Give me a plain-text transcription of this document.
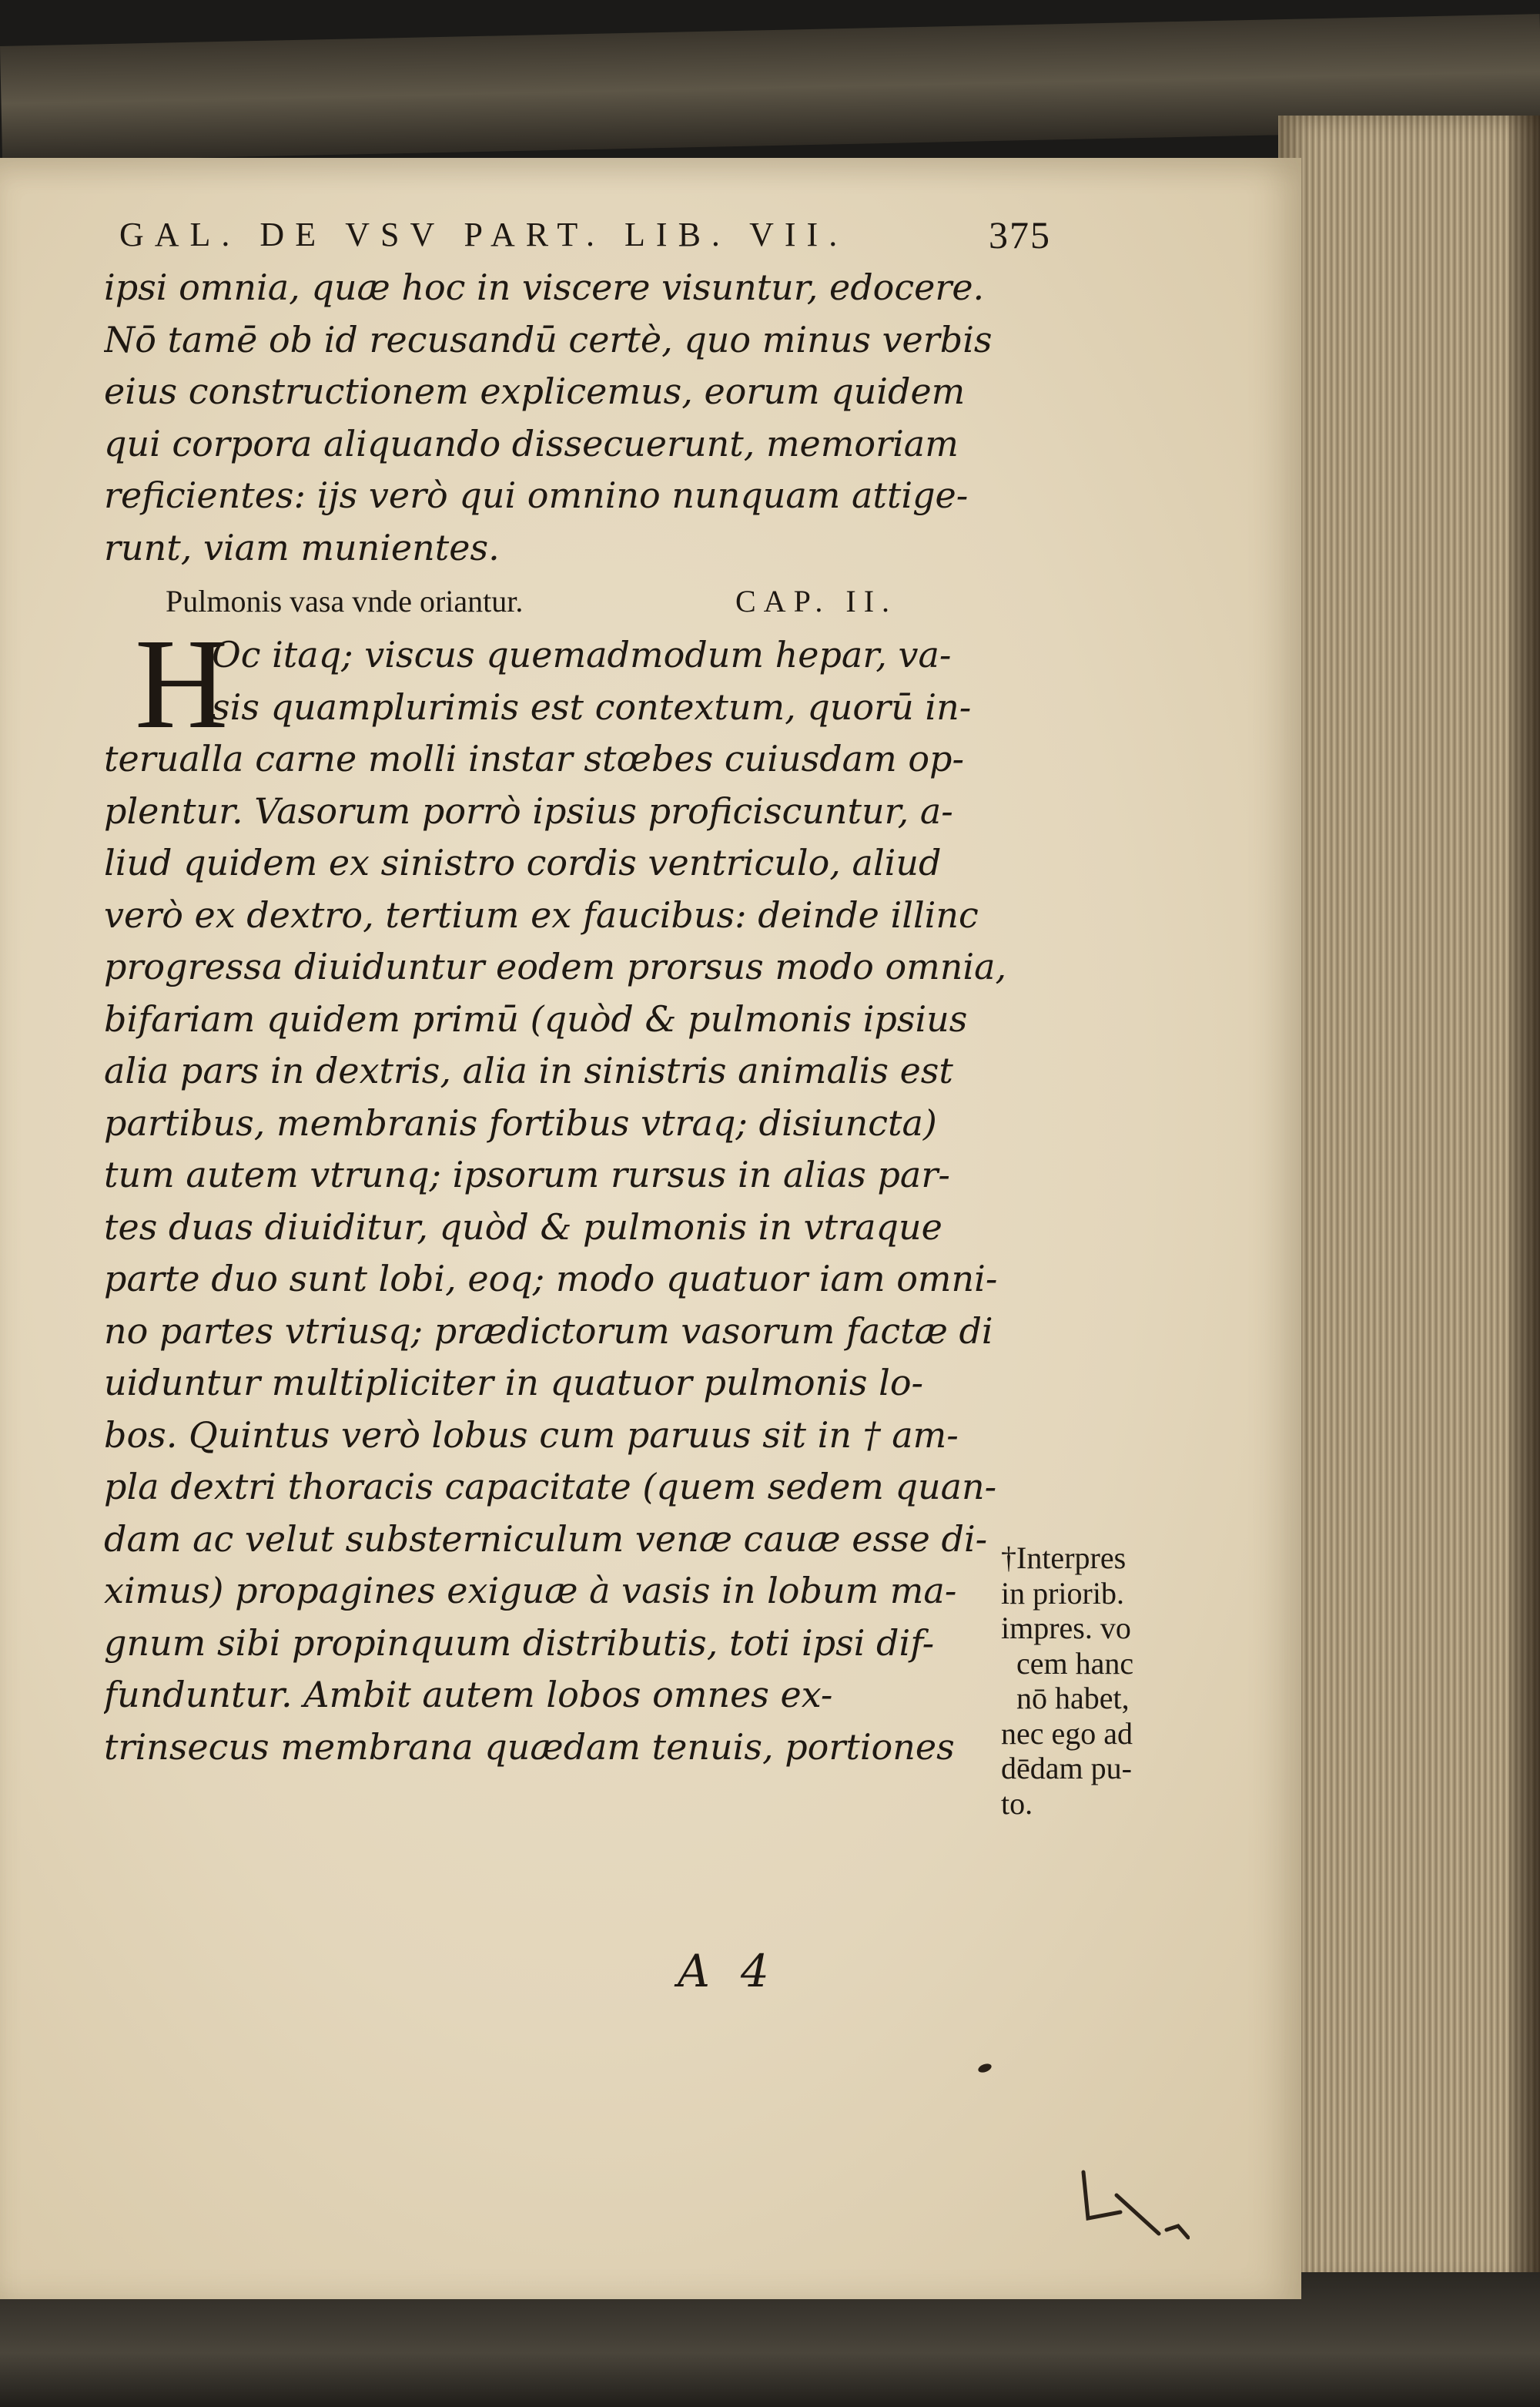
GAL. DE VSV PART. LIB. VII.	375
ipsi omnia, quæ hoc in viscere visuntur, edocere.
Nō tamē ob id recusandū certè, quo minus verbis
eius constructionem explicemus, eorum quidem
qui corpora aliquando dissecuerunt, memoriam
reficientes: ijs verò qui omnino nunquam attige-
runt, viam munientes.
Pulmonis vasa vnde oriantur.	CAP. II.
H
Oc itaq; viscus quemadmodum hepar, va-
sis quamplurimis est contextum, quorū in-
terualla carne molli instar stœbes cuiusdam op-
plentur. Vasorum porrò ipsius proficiscuntur, a-
liud quidem ex sinistro cordis ventriculo, aliud
verò ex dextro, tertium ex faucibus: deinde illinc
progressa diuiduntur eodem prorsus modo omnia,
bifariam quidem primū (quòd & pulmonis ipsius
alia pars in dextris, alia in sinistris animalis est
partibus, membranis fortibus vtraq; disiuncta)
tum autem vtrunq; ipsorum rursus in alias par-
tes duas diuiditur, quòd & pulmonis in vtraque
parte duo sunt lobi, eoq; modo quatuor iam omni-
no partes vtriusq; prædictorum vasorum factæ di
uiduntur multipliciter in quatuor pulmonis lo-
bos. Quintus verò lobus cum paruus sit in † am-
pla dextri thoracis capacitate (quem sedem quan-
dam ac velut substerniculum venæ cauæ esse di-
ximus) propagines exiguæ à vasis in lobum ma-
gnum sibi propinquum distributis, toti ipsi dif-
funduntur. Ambit autem lobos omnes ex-
trinsecus membrana quædam tenuis, portiones
†Interpres
in priorib.
impres. vo
cem hanc
nō habet,
nec ego ad
dēdam pu-
to.
A4
